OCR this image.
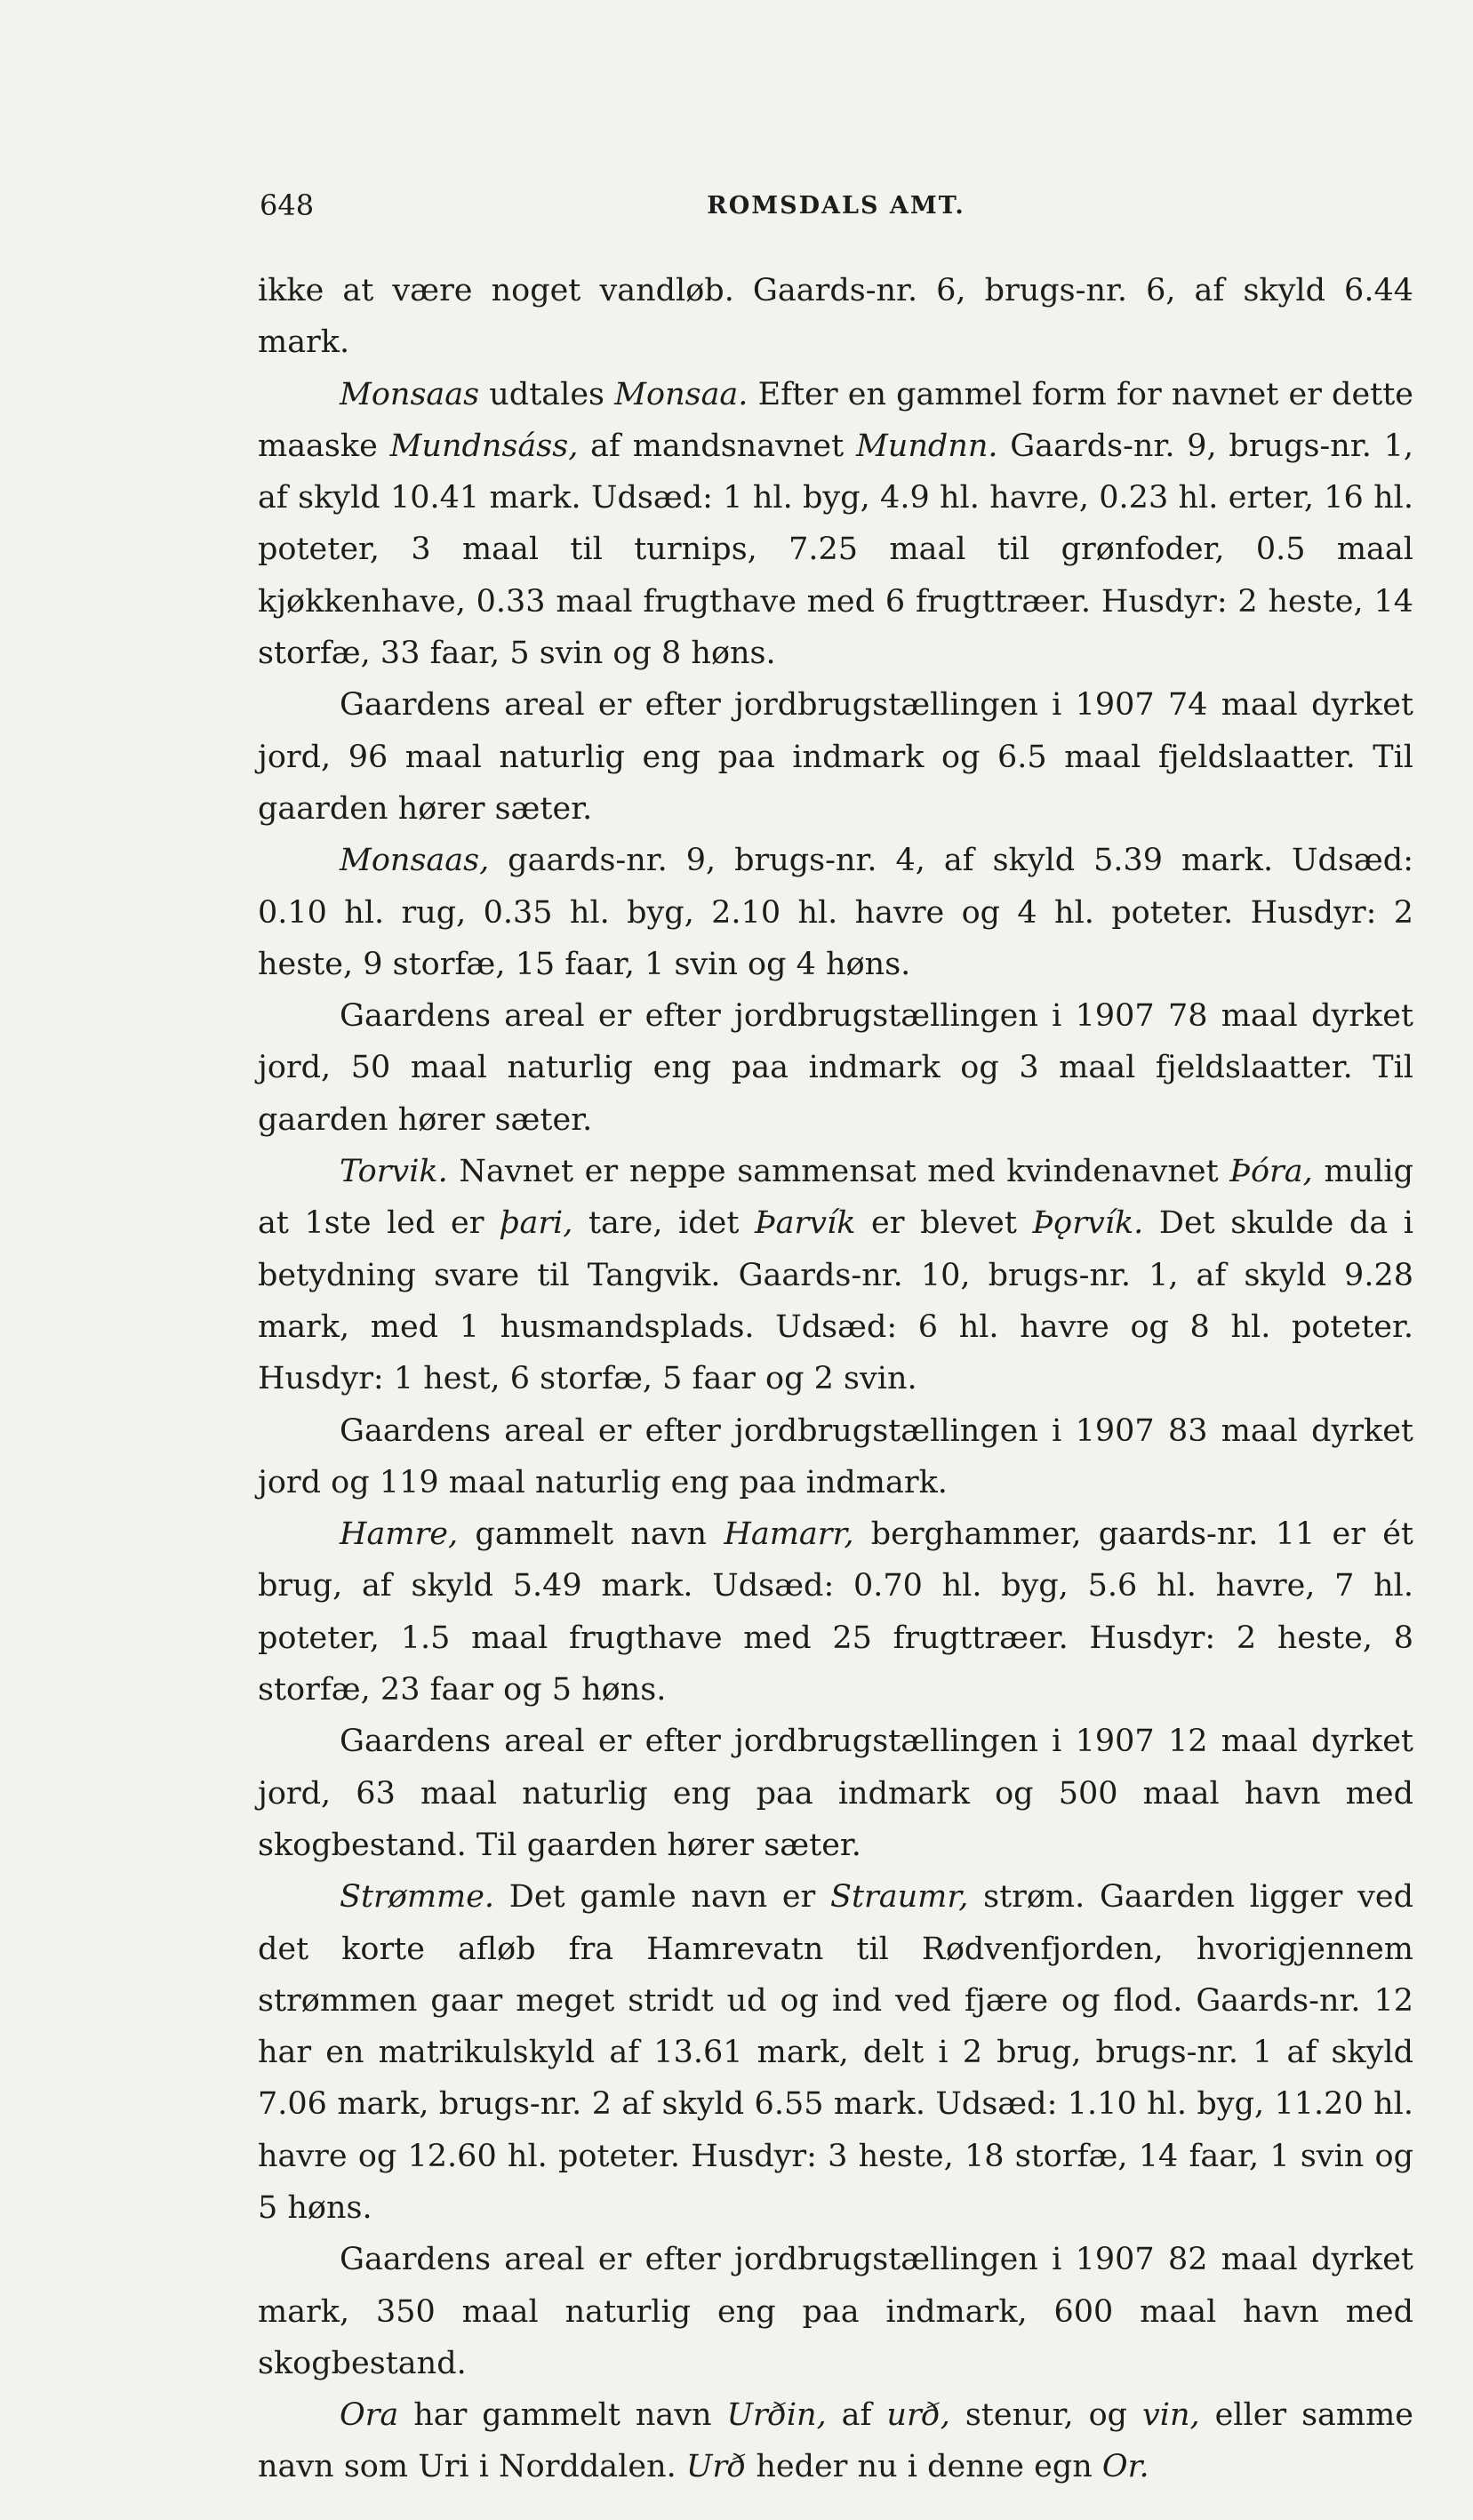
648	ROMSDALS AMT.

ikke at være noget vandløb. Gaards-nr. 6, brugs-nr. 6, af skyld 6.44 mark.

Monsaas udtales Monsaa. Efter en gammel form for navnet er dette maaske Mundnsáss, af mandsnavnet Mundnn. Gaards-nr. 9, brugs-nr. 1, af skyld 10.41 mark. Udsæd: 1 hl. byg, 4.9 hl. havre, 0.23 hl. erter, 16 hl. poteter, 3 maal til turnips, 7.25 maal til grønfoder, 0.5 maal kjøkkenhave, 0.33 maal frugthave med 6 frugttræer. Husdyr: 2 heste, 14 storfæ, 33 faar, 5 svin og 8 høns.

Gaardens areal er efter jordbrugstællingen i 1907 74 maal dyrket jord, 96 maal naturlig eng paa indmark og 6.5 maal fjeldslaatter. Til gaarden hører sæter.

Monsaas, gaards-nr. 9, brugs-nr. 4, af skyld 5.39 mark. Udsæd: 0.10 hl. rug, 0.35 hl. byg, 2.10 hl. havre og 4 hl. poteter. Husdyr: 2 heste, 9 storfæ, 15 faar, 1 svin og 4 høns.

Gaardens areal er efter jordbrugstællingen i 1907 78 maal dyrket jord, 50 maal naturlig eng paa indmark og 3 maal fjeldslaatter. Til gaarden hører sæter.

Torvik. Navnet er neppe sammensat med kvindenavnet Þóra, mulig at 1ste led er þari, tare, idet Þarvík er blevet Þǫrvík. Det skulde da i betydning svare til Tangvik. Gaards-nr. 10, brugs-nr. 1, af skyld 9.28 mark, med 1 husmandsplads. Udsæd: 6 hl. havre og 8 hl. poteter. Husdyr: 1 hest, 6 storfæ, 5 faar og 2 svin.

Gaardens areal er efter jordbrugstællingen i 1907 83 maal dyrket jord og 119 maal naturlig eng paa indmark.

Hamre, gammelt navn Hamarr, berghammer, gaards-nr. 11 er ét brug, af skyld 5.49 mark. Udsæd: 0.70 hl. byg, 5.6 hl. havre, 7 hl. poteter, 1.5 maal frugthave med 25 frugttræer. Husdyr: 2 heste, 8 storfæ, 23 faar og 5 høns.

Gaardens areal er efter jordbrugstællingen i 1907 12 maal dyrket jord, 63 maal naturlig eng paa indmark og 500 maal havn med skogbestand. Til gaarden hører sæter.

Strømme. Det gamle navn er Straumr, strøm. Gaarden ligger ved det korte afløb fra Hamrevatn til Rødvenfjorden, hvorigjennem strømmen gaar meget stridt ud og ind ved fjære og flod. Gaards-nr. 12 har en matrikulskyld af 13.61 mark, delt i 2 brug, brugs-nr. 1 af skyld 7.06 mark, brugs-nr. 2 af skyld 6.55 mark. Udsæd: 1.10 hl. byg, 11.20 hl. havre og 12.60 hl. poteter. Husdyr: 3 heste, 18 storfæ, 14 faar, 1 svin og 5 høns.

Gaardens areal er efter jordbrugstællingen i 1907 82 maal dyrket mark, 350 maal naturlig eng paa indmark, 600 maal havn med skogbestand.

Ora har gammelt navn Urðin, af urð, stenur, og vin, eller samme navn som Uri i Norddalen. Urð heder nu i denne egn Or.
